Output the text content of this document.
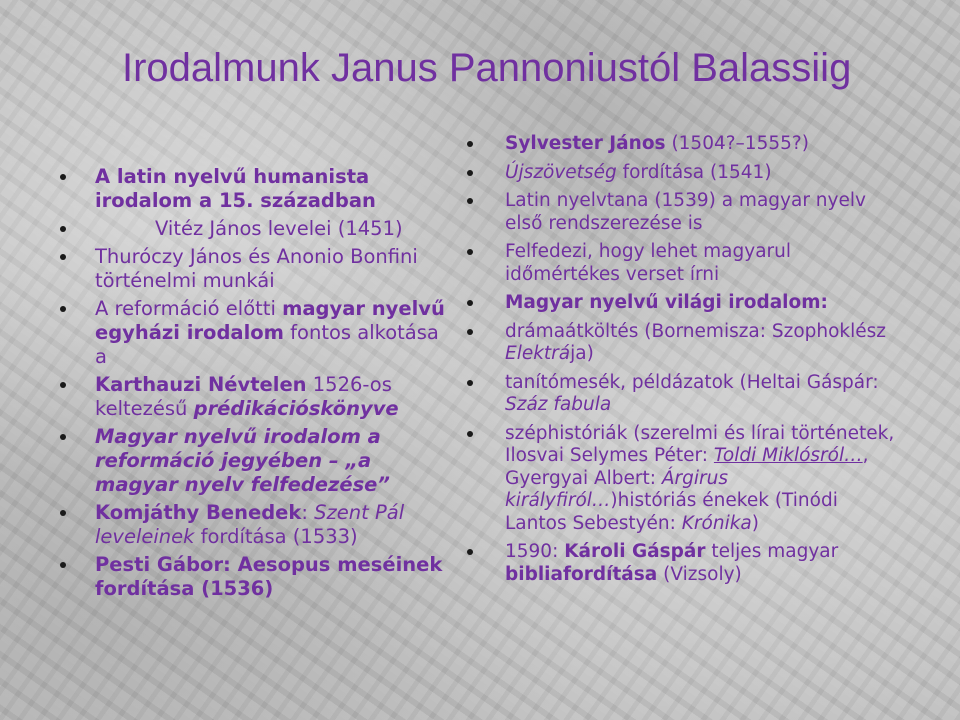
Irodalmunk Janus Pannoniustól Balassiig
A latin nyelvű humanista irodalom a 15. században
Vitéz János levelei (1451)
Thuróczy János és Anonio Bonfini történelmi munkái
A reformáció előtti magyar nyelvű egyházi irodalom fontos alkotása a
Karthauzi Névtelen 1526-os keltezésű prédikációskönyve
Magyar nyelvű irodalom a reformáció jegyében – „a magyar nyelv felfedezése”
Komjáthy Benedek: Szent Pál leveleinek fordítása (1533)
Pesti Gábor: Aesopus meséinek fordítása (1536)
Sylvester János (1504?–1555?)
Újszövetség fordítása (1541)
Latin nyelvtana (1539) a magyar nyelv első rendszerezése is
Felfedezi, hogy lehet magyarul időmértékes verset írni
Magyar nyelvű világi irodalom:
drámaátköltés (Bornemisza: Szophoklész Elektrája)
tanítómesék, példázatok (Heltai Gáspár: Száz fabula
széphistóriák (szerelmi és lírai történetek, Ilosvai Selymes Péter: Toldi Miklósról…, Gyergyai Albert: Árgirus királyfiról…)históriás énekek (Tinódi Lantos Sebestyén: Krónika)
1590: Károli Gáspár teljes magyar bibliafordítása (Vizsoly)
